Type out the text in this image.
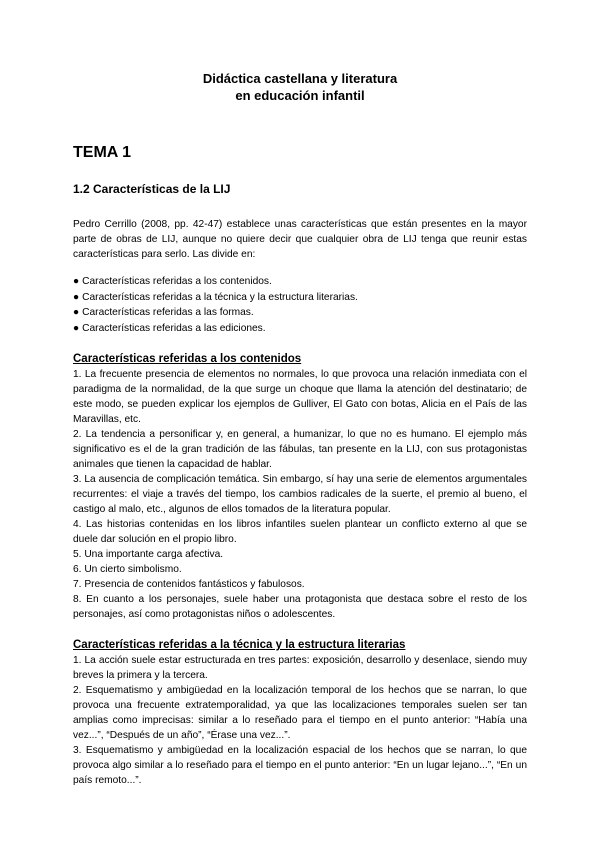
Didáctica castellana y literatura
en educación infantil
TEMA 1
1.2 Características de la LIJ

Pedro Cerrillo (2008, pp. 42-47) establece unas características que están presentes en la mayor parte de obras de LIJ, aunque no quiere decir que cualquier obra de LIJ tenga que reunir estas características para serlo. Las divide en:

● Características referidas a los contenidos.
● Características referidas a la técnica y la estructura literarias.
● Características referidas a las formas.
● Características referidas a las ediciones.
Características referidas a los contenidos

1. La frecuente presencia de elementos no normales, lo que provoca una relación inmediata con el paradigma de la normalidad, de la que surge un choque que llama la atención del destinatario; de este modo, se pueden explicar los ejemplos de Gulliver, El Gato con botas, Alicia en el País de las Maravillas, etc.

2. La tendencia a personificar y, en general, a humanizar, lo que no es humano. El ejemplo más significativo es el de la gran tradición de las fábulas, tan presente en la LIJ, con sus protagonistas animales que tienen la capacidad de hablar.

3. La ausencia de complicación temática. Sin embargo, sí hay una serie de elementos argumentales recurrentes: el viaje a través del tiempo, los cambios radicales de la suerte, el premio al bueno, el castigo al malo, etc., algunos de ellos tomados de la literatura popular.

4. Las historias contenidas en los libros infantiles suelen plantear un conflicto externo al que se duele dar solución en el propio libro.

5. Una importante carga afectiva.

6. Un cierto simbolismo.

7. Presencia de contenidos fantásticos y fabulosos.

8. En cuanto a los personajes, suele haber una protagonista que destaca sobre el resto de los personajes, así como protagonistas niños o adolescentes.

Características referidas a la técnica y la estructura literarias

1. La acción suele estar estructurada en tres partes: exposición, desarrollo y desenlace, siendo muy breves la primera y la tercera.

2. Esquematismo y ambigüedad en la localización temporal de los hechos que se narran, lo que provoca una frecuente extratemporalidad, ya que las localizaciones temporales suelen ser tan amplias como imprecisas: similar a lo reseñado para el tiempo en el punto anterior: “Había una vez...”, “Después de un año”, “Érase una vez...”.

3. Esquematismo y ambigüedad en la localización espacial de los hechos que se narran, lo que provoca algo similar a lo reseñado para el tiempo en el punto anterior: “En un lugar lejano...”, “En un país remoto...”.
